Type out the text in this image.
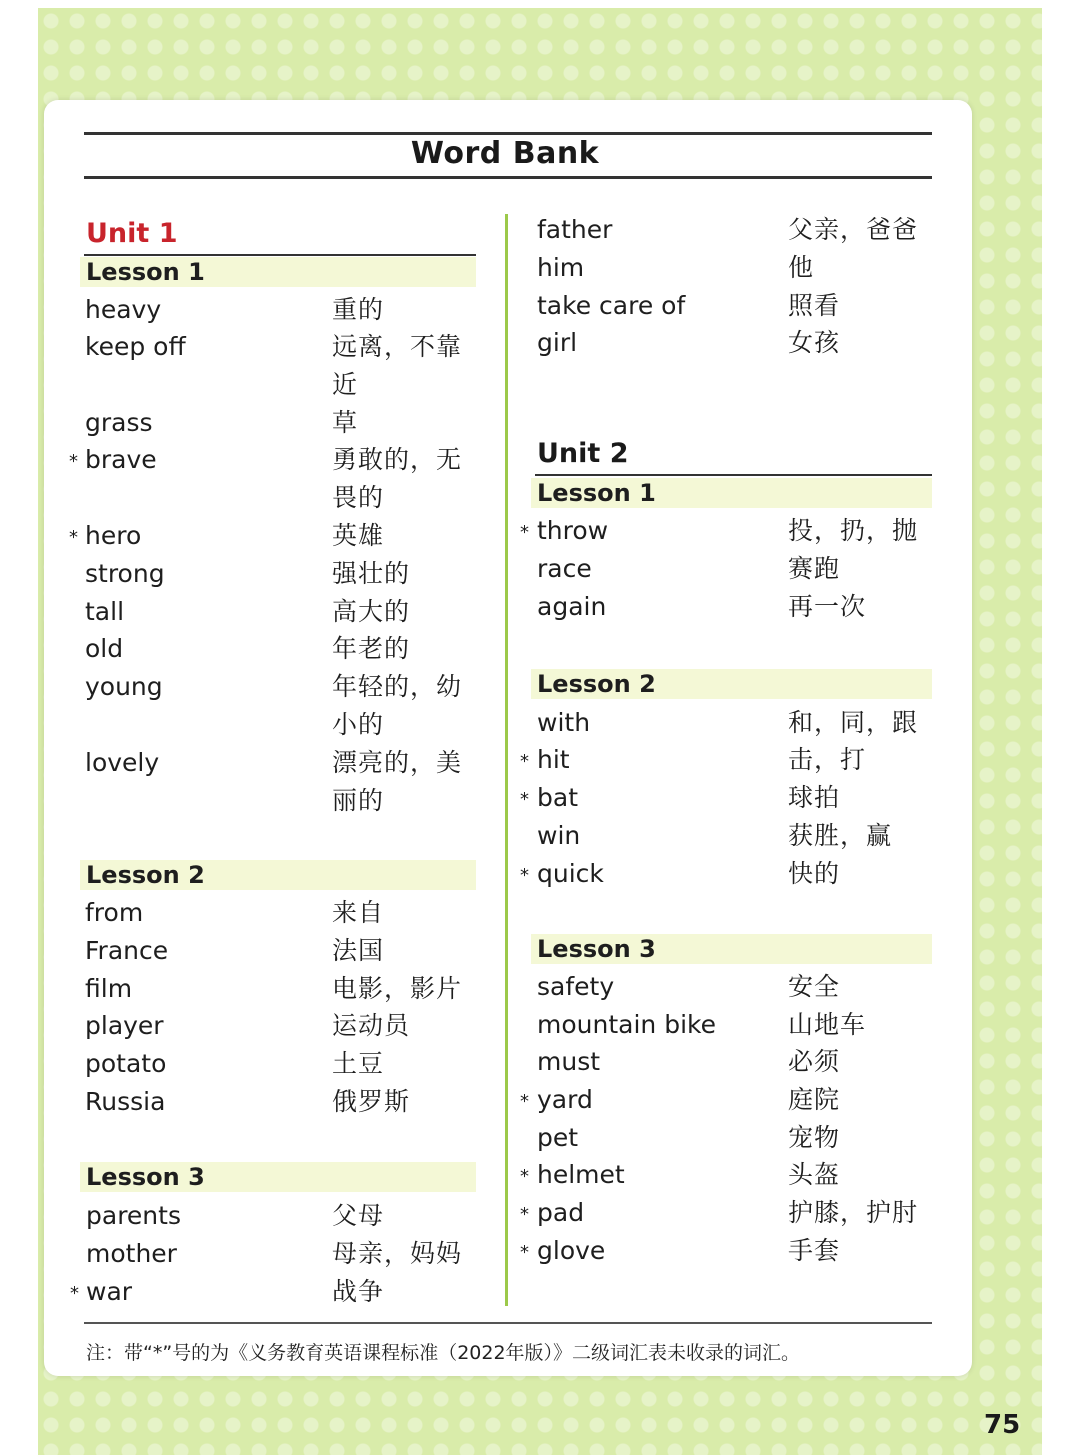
Word Bank
Unit 1
Lesson 1
heavy	重的
keep off	远离，不靠近
grass	草
* brave	勇敢的，无畏的
* hero	英雄
strong	强壮的
tall	高大的
old	年老的
young	年轻的，幼小的
lovely	漂亮的，美丽的
Lesson 2
from	来自
France	法国
film	电影，影片
player	运动员
potato	土豆
Russia	俄罗斯
Lesson 3
parents	父母
mother	母亲，妈妈
* war	战争
father	父亲，爸爸
him	他
take care of	照看
girl	女孩
Unit 2
Lesson 1
* throw	投，扔，抛
race	赛跑
again	再一次
Lesson 2
with	和，同，跟
* hit	击，打
* bat	球拍
win	获胜，赢
* quick	快的
Lesson 3
safety	安全
mountain bike	山地车
must	必须
* yard	庭院
pet	宠物
* helmet	头盔
* pad	护膝，护肘
* glove	手套
注：带“*”号的为《义务教育英语课程标准（2022年版）》二级词汇表未收录的词汇。
75
